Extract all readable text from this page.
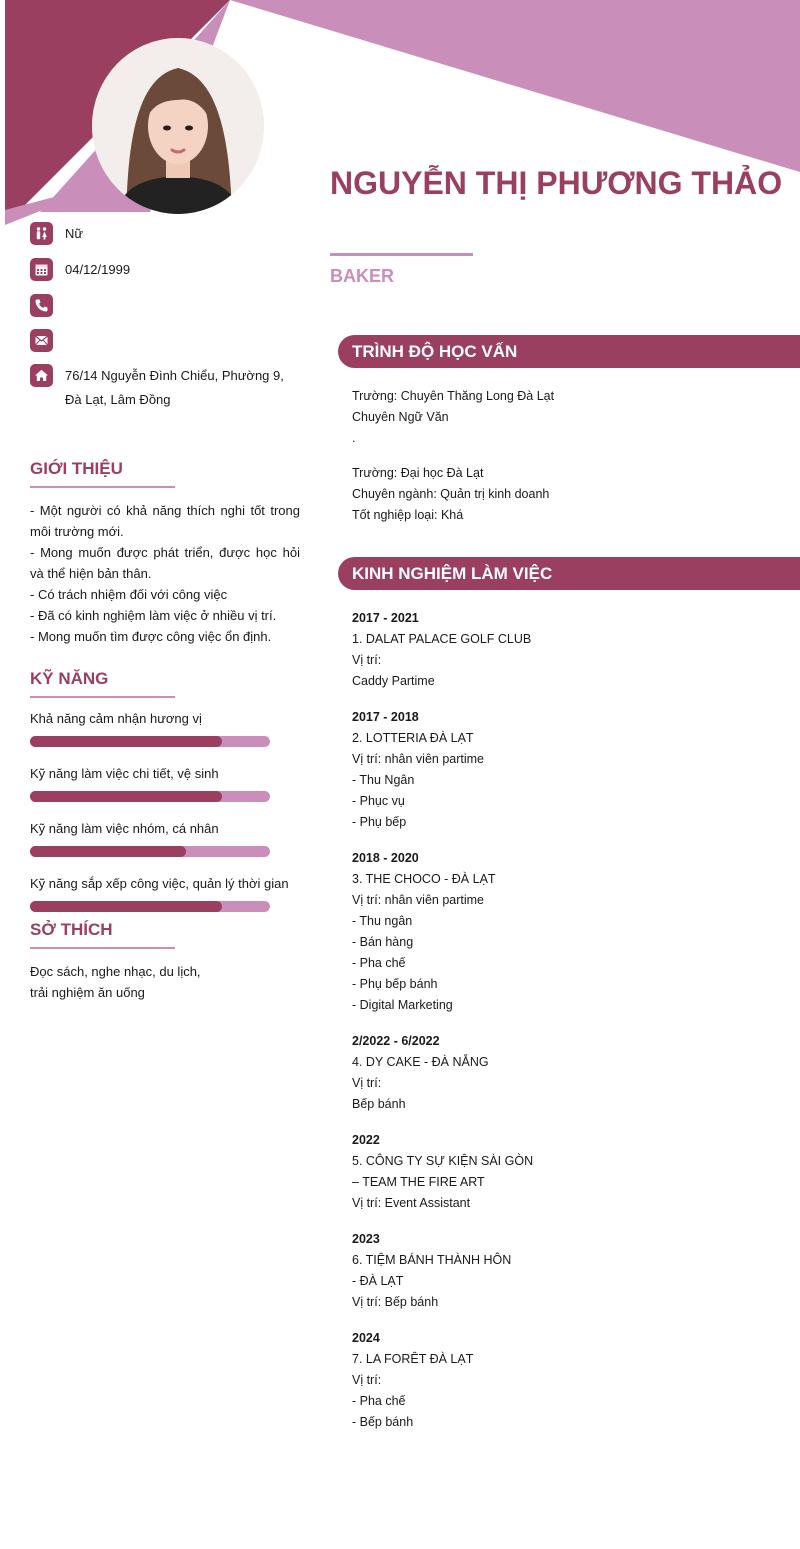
NGUYỄN THỊ PHƯƠNG THẢO
BAKER
Nữ
04/12/1999
76/14 Nguyễn Đình Chiểu, Phường 9, Đà Lạt, Lâm Đồng
GIỚI THIỆU

- Một người có khả năng thích nghi tốt trong môi trường mới.

- Mong muốn được phát triển, được học hỏi và thể hiện bản thân.

- Có trách nhiệm đối với công việc

- Đã có kinh nghiệm làm việc ở nhiều vị trí.

- Mong muốn tìm được công việc ổn định.

KỸ NĂNG
Khả năng cảm nhận hương vị
Kỹ năng làm việc chi tiết, vệ sinh
Kỹ năng làm việc nhóm, cá nhân
Kỹ năng sắp xếp công việc, quản lý thời gian
SỞ THÍCH

Đọc sách, nghe nhạc, du lịch,

trải nghiệm ăn uống

TRÌNH ĐỘ HỌC VẤN

Trường: Chuyên Thăng Long Đà Lạt

Chuyên Ngữ Văn

.

Trường: Đại học Đà Lạt

Chuyên ngành: Quản trị kinh doanh

Tốt nghiệp loại: Khá

KINH NGHIỆM LÀM VIỆC
2017 - 2021
1. DALAT PALACE GOLF CLUB
Vị trí:
Caddy Partime
2017 - 2018
2. LOTTERIA ĐÀ LẠT
Vị trí: nhân viên partime
- Thu Ngân
- Phục vụ
- Phụ bếp
2018 - 2020
3. THE CHOCO - ĐÀ LẠT
Vị trí: nhân viên partime
- Thu ngân
- Bán hàng
- Pha chế
- Phụ bếp bánh
- Digital Marketing
2/2022 - 6/2022
4. DY CAKE - ĐÀ NẴNG
Vị trí:
Bếp bánh
2022
5. CÔNG TY SỰ KIỆN SÀI GÒN
– TEAM THE FIRE ART
Vị trí: Event Assistant
2023
6. TIỆM BÁNH THÀNH HÔN
- ĐÀ LẠT
Vị trí: Bếp bánh
2024
7. LA FORÊT ĐÀ LẠT
Vị trí:
- Pha chế
- Bếp bánh
